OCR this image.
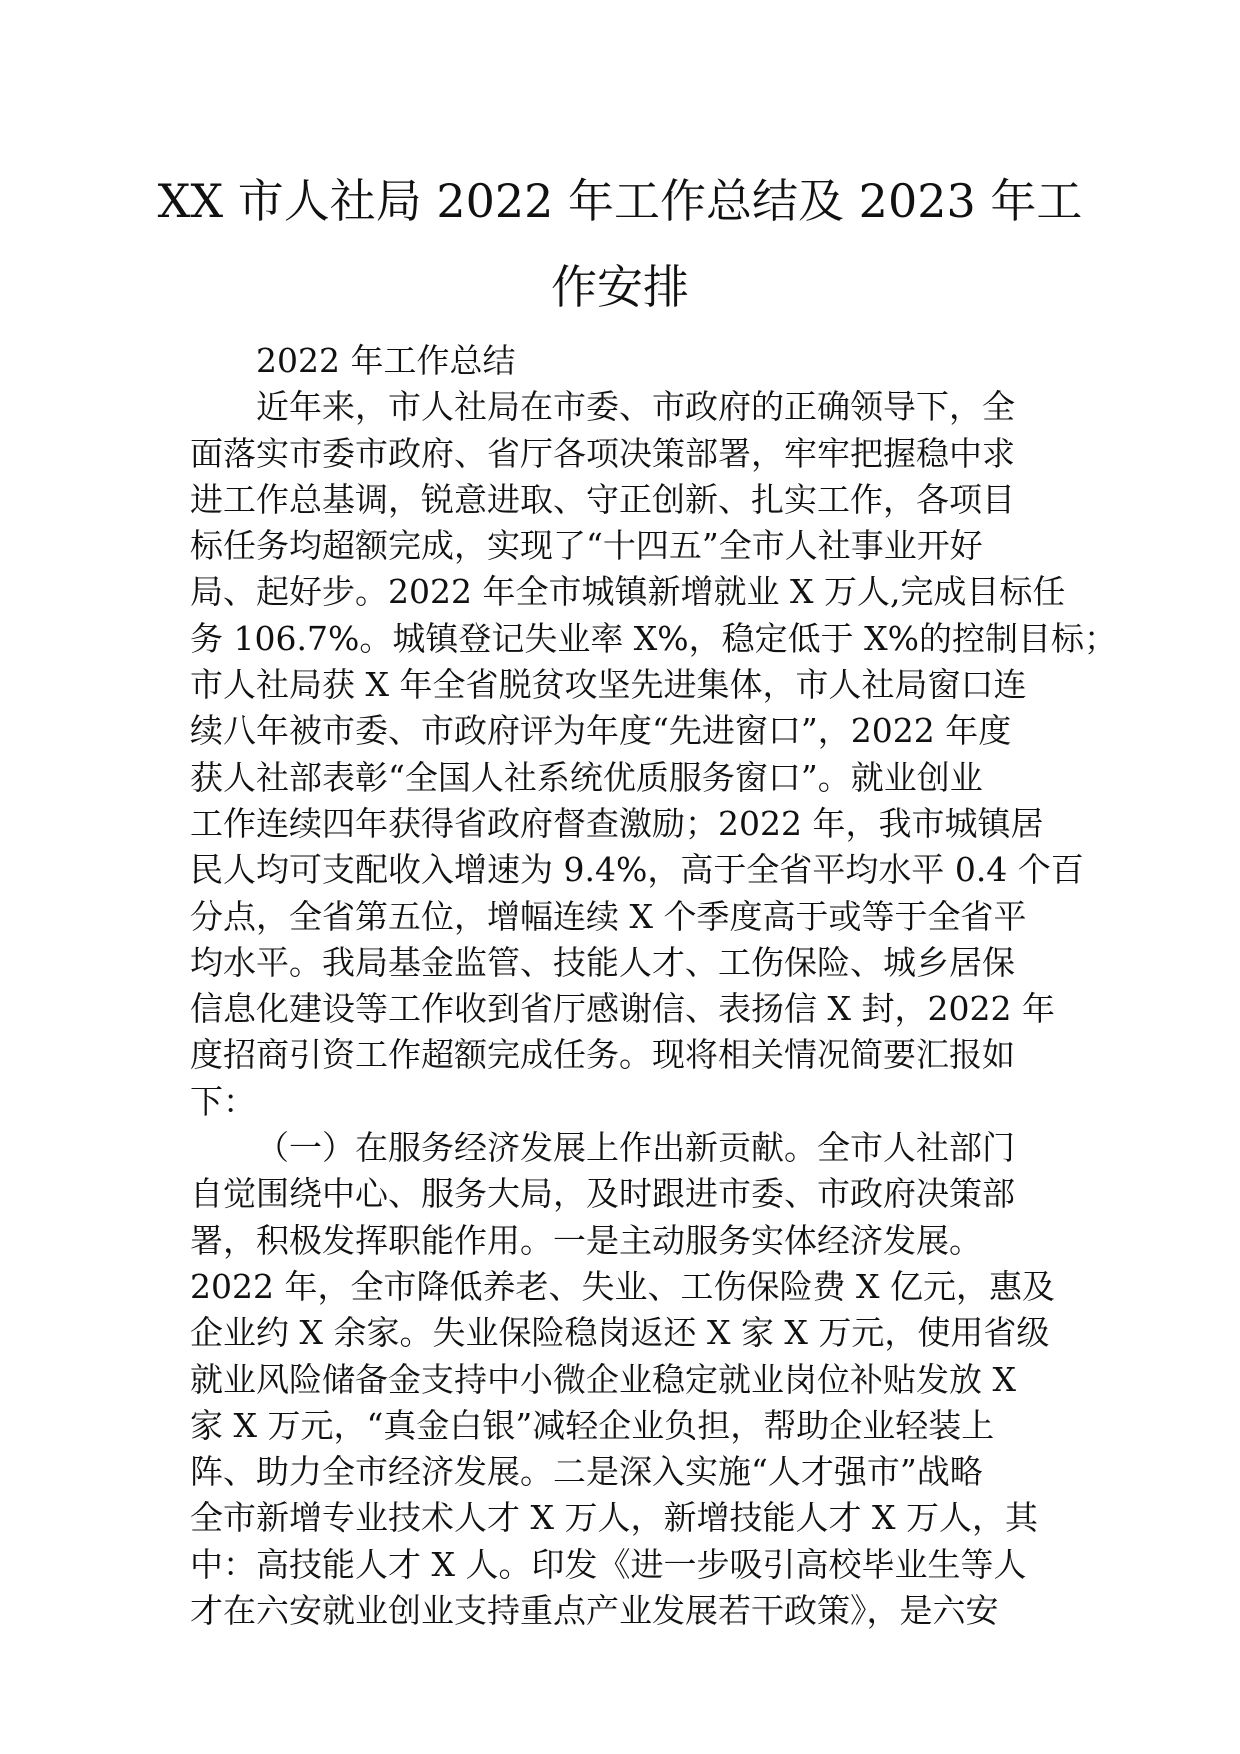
XX 市人社局 2022 年工作总结及 2023 年工
作安排
2022 年工作总结
近年来，市人社局在市委、市政府的正确领导下，全
面落实市委市政府、省厅各项决策部署，牢牢把握稳中求
进工作总基调，锐意进取、守正创新、扎实工作，各项目
标任务均超额完成，实现了“十四五”全市人社事业开好
局、起好步。2022 年全市城镇新增就业 X 万人,完成目标任
务 106.7%。城镇登记失业率 X%，稳定低于 X%的控制目标；
市人社局获 X 年全省脱贫攻坚先进集体，市人社局窗口连
续八年被市委、市政府评为年度“先进窗口”，2022 年度
获人社部表彰“全国人社系统优质服务窗口”。就业创业
工作连续四年获得省政府督查激励；2022 年，我市城镇居
民人均可支配收入增速为 9.4%，高于全省平均水平 0.4 个百
分点，全省第五位，增幅连续 X 个季度高于或等于全省平
均水平。我局基金监管、技能人才、工伤保险、城乡居保
信息化建设等工作收到省厅感谢信、表扬信 X 封，2022 年
度招商引资工作超额完成任务。现将相关情况简要汇报如
下：
（一）在服务经济发展上作出新贡献。全市人社部门
自觉围绕中心、服务大局，及时跟进市委、市政府决策部
署，积极发挥职能作用。一是主动服务实体经济发展。
2022 年，全市降低养老、失业、工伤保险费 X 亿元，惠及
企业约 X 余家。失业保险稳岗返还 X 家 X 万元，使用省级
就业风险储备金支持中小微企业稳定就业岗位补贴发放 X
家 X 万元，“真金白银”减轻企业负担，帮助企业轻装上
阵、助力全市经济发展。二是深入实施“人才强市”战略
全市新增专业技术人才 X 万人，新增技能人才 X 万人，其
中：高技能人才 X 人。印发《进一步吸引高校毕业生等人
才在六安就业创业支持重点产业发展若干政策》，是六安
